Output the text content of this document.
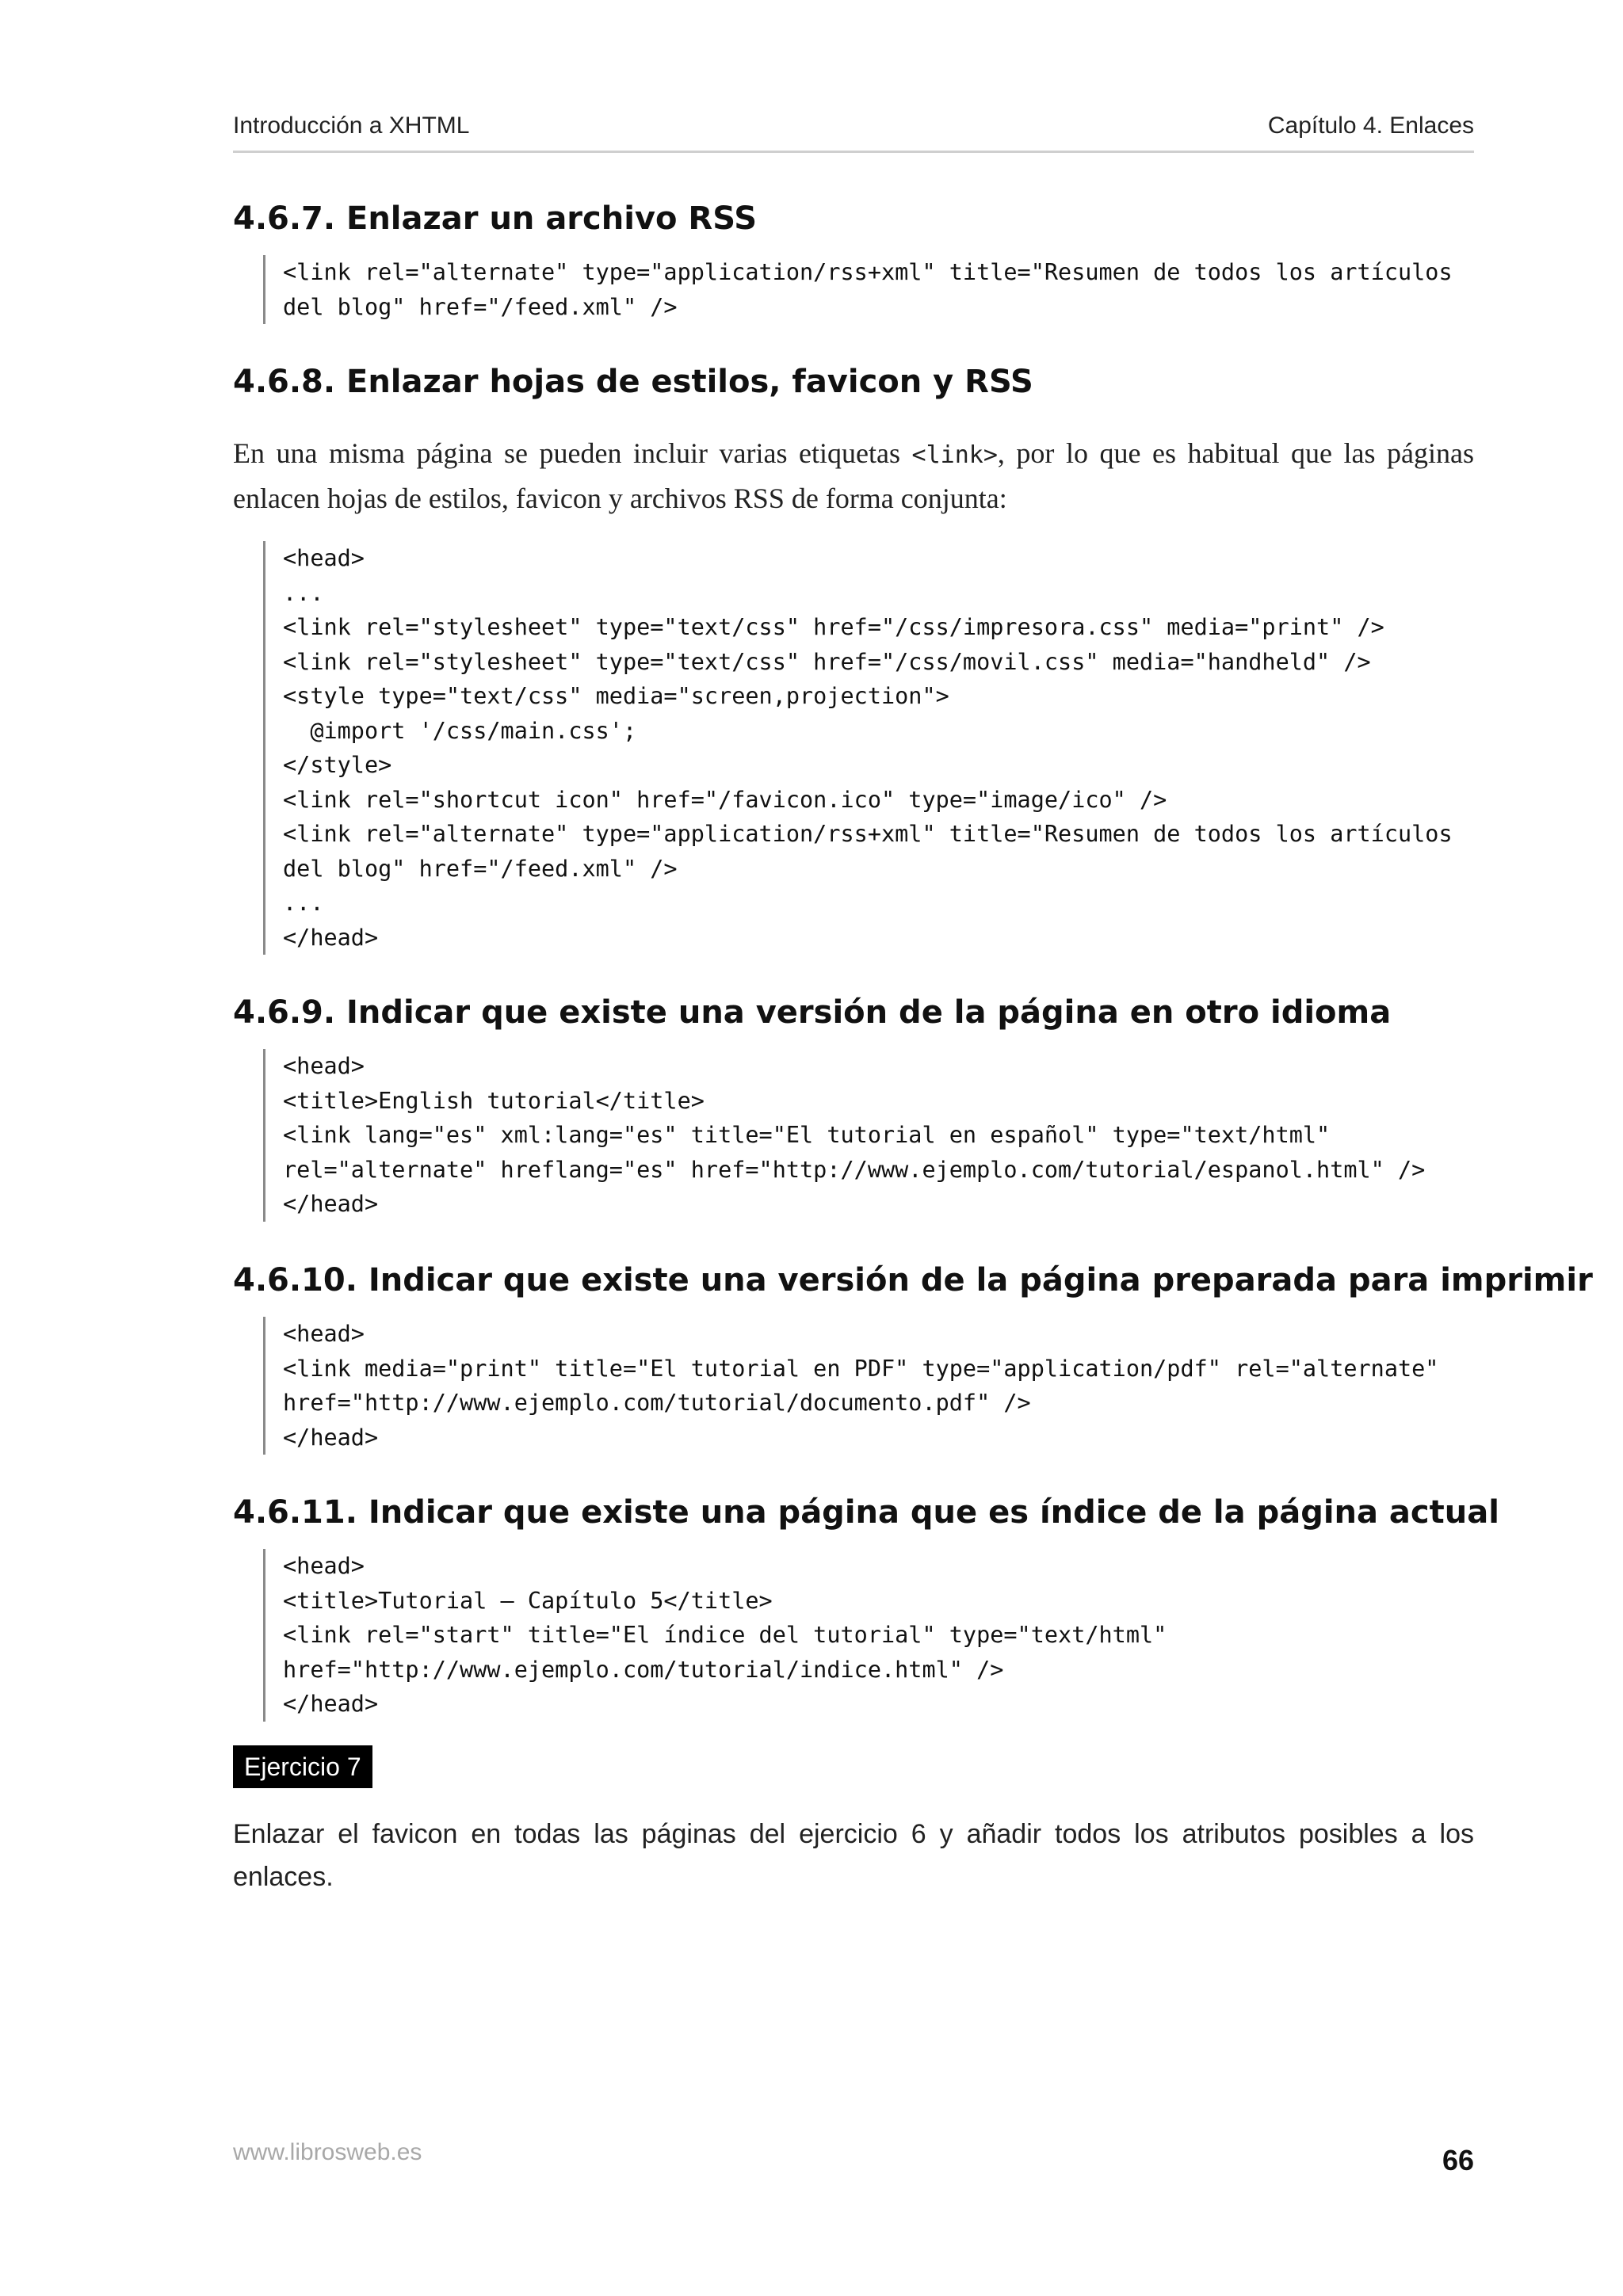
Introducción a XHTML	Capítulo 4. Enlaces
4.6.7. Enlazar un archivo RSS
<link rel="alternate" type="application/rss+xml" title="Resumen de todos los artículos
del blog" href="/feed.xml" />
4.6.8. Enlazar hojas de estilos, favicon y RSS

En una misma página se pueden incluir varias etiquetas <link>, por lo que es habitual que las páginas enlacen hojas de estilos, favicon y archivos RSS de forma conjunta:

<head>
...
<link rel="stylesheet" type="text/css" href="/css/impresora.css" media="print" />
<link rel="stylesheet" type="text/css" href="/css/movil.css" media="handheld" />
<style type="text/css" media="screen,projection">
@import '/css/main.css';
</style>
<link rel="shortcut icon" href="/favicon.ico" type="image/ico" />
<link rel="alternate" type="application/rss+xml" title="Resumen de todos los artículos
del blog" href="/feed.xml" />
...
</head>
4.6.9. Indicar que existe una versión de la página en otro idioma
<head>
<title>English tutorial</title>
<link lang="es" xml:lang="es" title="El tutorial en español" type="text/html"
rel="alternate" hreflang="es" href="http://www.ejemplo.com/tutorial/espanol.html" />
</head>
4.6.10. Indicar que existe una versión de la página preparada para imprimir
<head>
<link media="print" title="El tutorial en PDF" type="application/pdf" rel="alternate"
href="http://www.ejemplo.com/tutorial/documento.pdf" />
</head>
4.6.11. Indicar que existe una página que es índice de la página actual
<head>
<title>Tutorial – Capítulo 5</title>
<link rel="start" title="El índice del tutorial" type="text/html"
href="http://www.ejemplo.com/tutorial/indice.html" />
</head>
Ejercicio 7

Enlazar el favicon en todas las páginas del ejercicio 6 y añadir todos los atributos posibles a los enlaces.

www.librosweb.es	66
